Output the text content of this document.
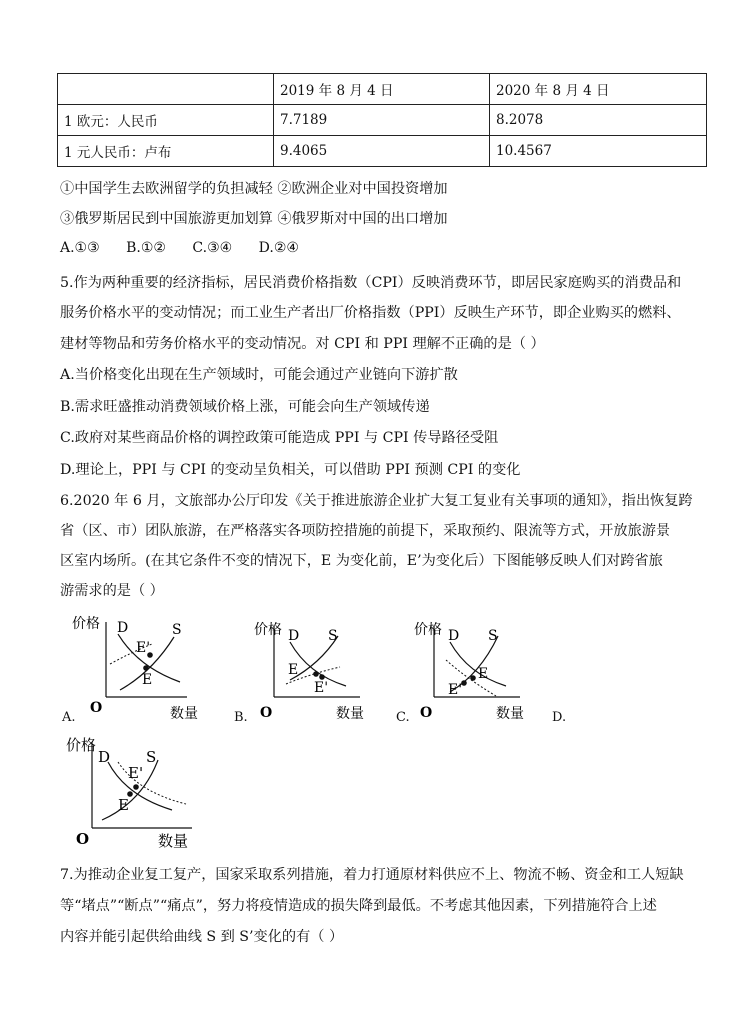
	2019 年 8 月 4 日	2020 年 8 月 4 日
1 欧元：人民币	7.7189	8.2078
1 元人民币：卢布	9.4065	10.4567
①中国学生去欧洲留学的负担减轻 ②欧洲企业对中国投资增加
③俄罗斯居民到中国旅游更加划算 ④俄罗斯对中国的出口增加
A.①③ B.①② C.③④ D.②④
5.作为两种重要的经济指标，居民消费价格指数（CPI）反映消费环节，即居民家庭购买的消费品和
服务价格水平的变动情况；而工业生产者出厂价格指数（PPI）反映生产环节，即企业购买的燃料、
建材等物品和劳务价格水平的变动情况。对 CPI 和 PPI 理解不正确的是（ ）
A.当价格变化出现在生产领域时，可能会通过产业链向下游扩散
B.需求旺盛推动消费领域价格上涨，可能会向生产领域传递
C.政府对某些商品价格的调控政策可能造成 PPI 与 CPI 传导路径受阻
D.理论上，PPI 与 CPI 的变动呈负相关，可以借助 PPI 预测 CPI 的变化
6.2020 年 6 月，文旅部办公厅印发《关于推进旅游企业扩大复工复业有关事项的通知》，指出恢复跨
省（区、市）团队旅游，在严格落实各项防控措施的前提下，采取预约、限流等方式，开放旅游景
区室内场所。(在其它条件不变的情况下，E 为变化前，E’为变化后）下图能够反映人们对跨省旅
游需求的是（ ）
价格 D	S
E'
E
O	数量
A.
价格 D S
E
E'
O	数量
B.
价格 D S
E
E'
O	数量
C.	D.
价格
D S
E'
E
O	数量
7.为推动企业复工复产，国家采取系列措施，着力打通原材料供应不上、物流不畅、资金和工人短缺
等“堵点”“断点”“痛点”，努力将疫情造成的损失降到最低。不考虑其他因素，下列措施符合上述
内容并能引起供给曲线 S 到 S’变化的有（ ）
